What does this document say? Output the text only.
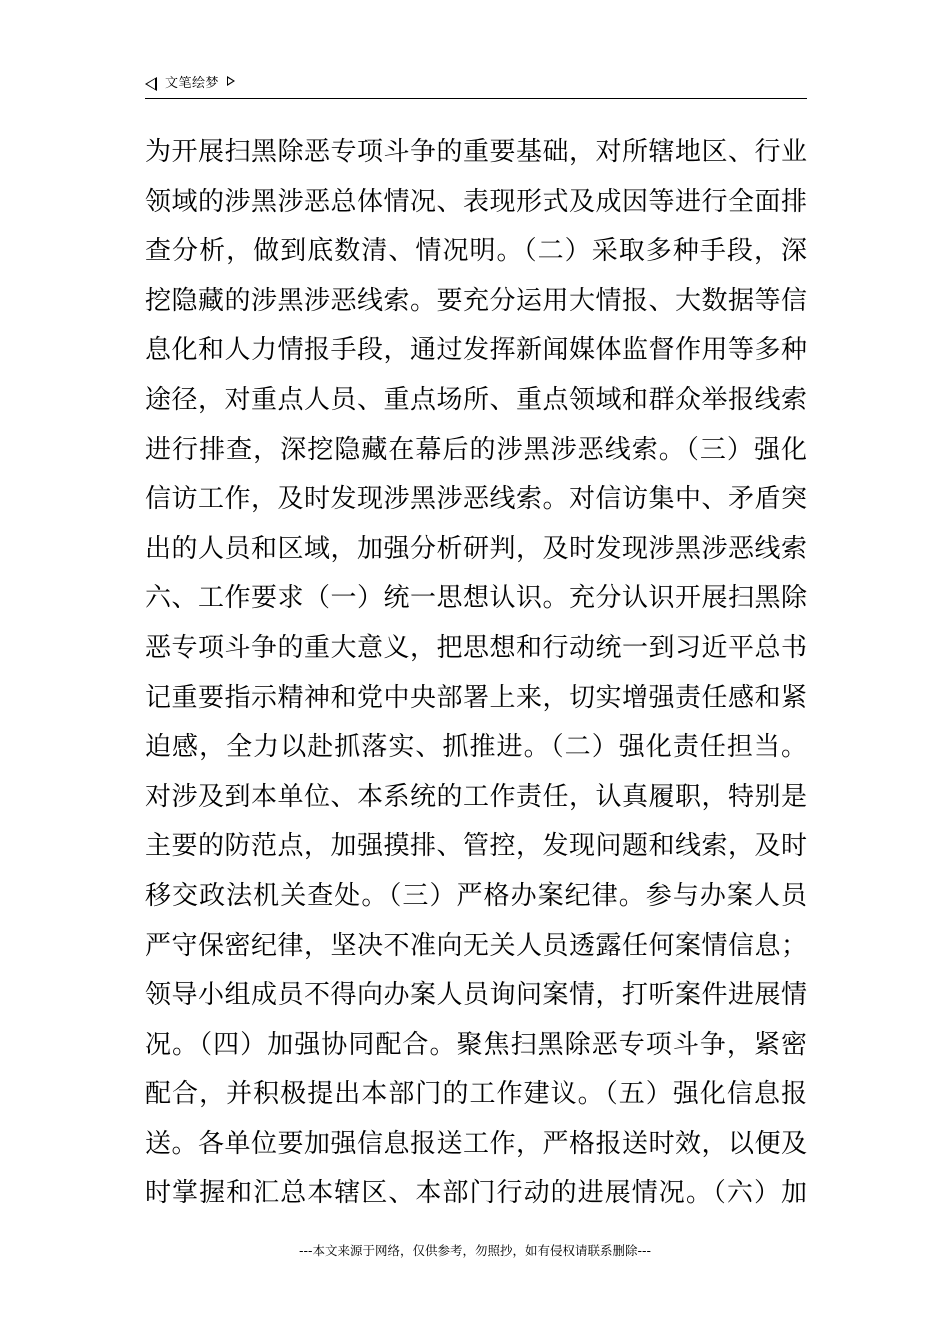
文笔绘梦
为开展扫黑除恶专项斗争的重要基础，对所辖地区、行业
领域的涉黑涉恶总体情况、表现形式及成因等进行全面排
查分析，做到底数清、情况明。（二）采取多种手段，深
挖隐藏的涉黑涉恶线索。要充分运用大情报、大数据等信
息化和人力情报手段，通过发挥新闻媒体监督作用等多种
途径，对重点人员、重点场所、重点领域和群众举报线索
进行排查，深挖隐藏在幕后的涉黑涉恶线索。（三）强化
信访工作，及时发现涉黑涉恶线索。对信访集中、矛盾突
出的人员和区域，加强分析研判，及时发现涉黑涉恶线索
六、工作要求（一）统一思想认识。充分认识开展扫黑除
恶专项斗争的重大意义，把思想和行动统一到习近平总书
记重要指示精神和党中央部署上来，切实增强责任感和紧
迫感，全力以赴抓落实、抓推进。（二）强化责任担当。
对涉及到本单位、本系统的工作责任，认真履职，特别是
主要的防范点，加强摸排、管控，发现问题和线索，及时
移交政法机关查处。（三）严格办案纪律。参与办案人员
严守保密纪律，坚决不准向无关人员透露任何案情信息；
领导小组成员不得向办案人员询问案情，打听案件进展情
况。（四）加强协同配合。聚焦扫黑除恶专项斗争，紧密
配合，并积极提出本部门的工作建议。（五）强化信息报
送。各单位要加强信息报送工作，严格报送时效，以便及
时掌握和汇总本辖区、本部门行动的进展情况。（六）加
---本文来源于网络，仅供参考，勿照抄，如有侵权请联系删除---
